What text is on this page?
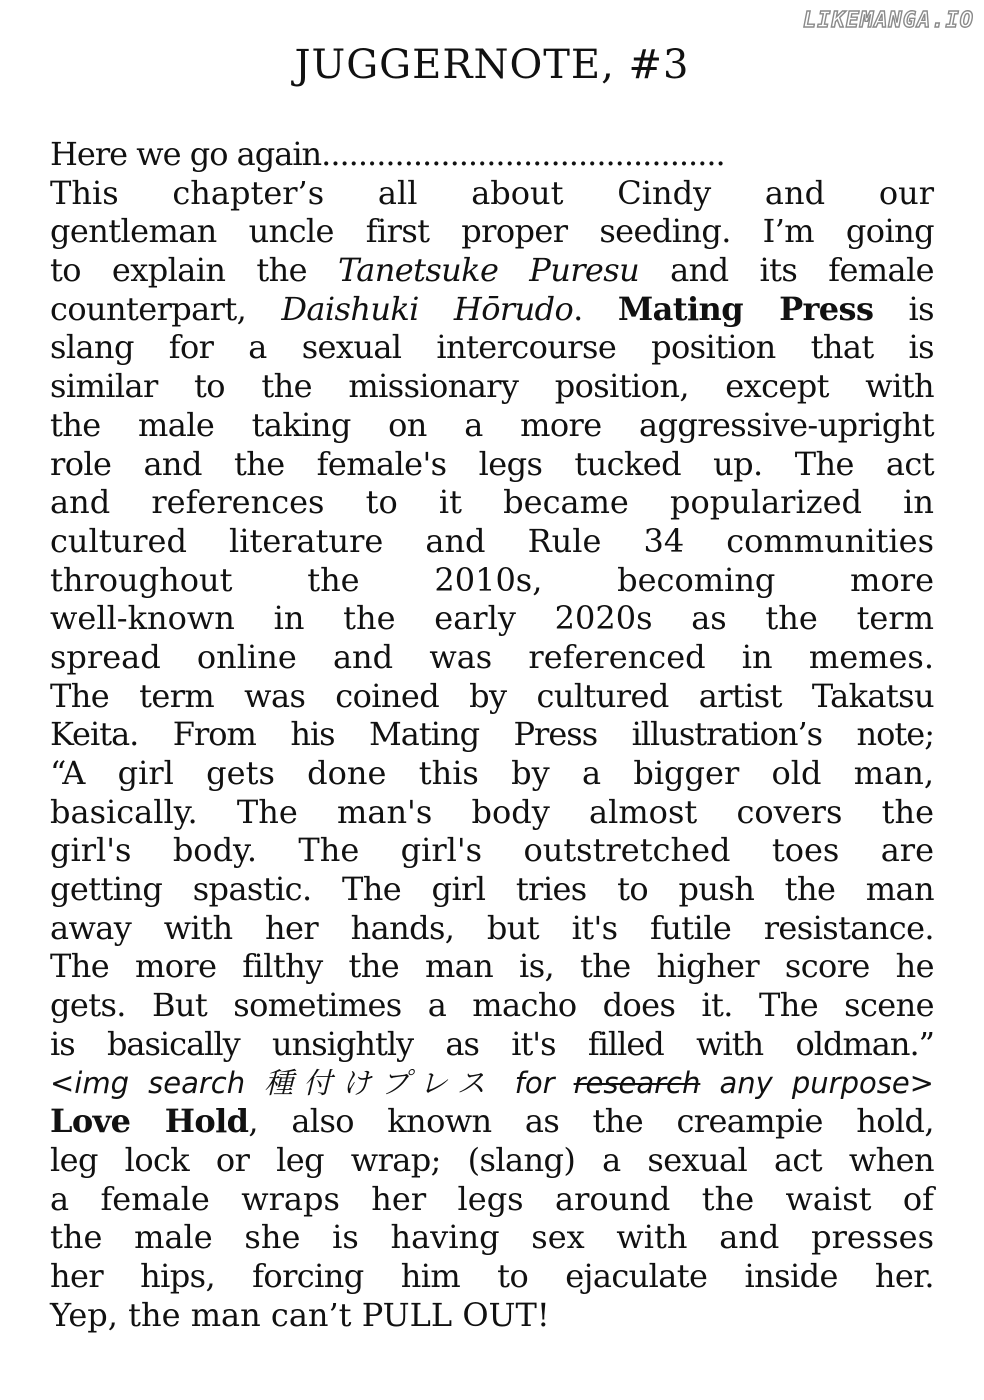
LIKEMANGA.IO
JUGGERNOTE, #3
Here we go again............................................
This chapter’s all about Cindy and our
gentleman uncle first proper seeding. I’m going
to explain the Tanetsuke Puresu and its female
counterpart, Daishuki Hōrudo. Mating Press is
slang for a sexual intercourse position that is
similar to the missionary position, except with
the male taking on a more aggressive-upright
role and the female's legs tucked up. The act
and references to it became popularized in
cultured literature and Rule 34 communities
throughout the 2010s, becoming more
well-known in the early 2020s as the term
spread online and was referenced in memes.
The term was coined by cultured artist Takatsu
Keita. From his Mating Press illustration’s note;
“A girl gets done this by a bigger old man,
basically. The man's body almost covers the
girl's body. The girl's outstretched toes are
getting spastic. The girl tries to push the man
away with her hands, but it's futile resistance.
The more filthy the man is, the higher score he
gets. But sometimes a macho does it. The scene
is basically unsightly as it's filled with oldman.”
<img search 種付けプレス for research any purpose>
Love Hold, also known as the creampie hold,
leg lock or leg wrap; (slang) a sexual act when
a female wraps her legs around the waist of
the male she is having sex with and presses
her hips, forcing him to ejaculate inside her.
Yep, the man can’t PULL OUT!
